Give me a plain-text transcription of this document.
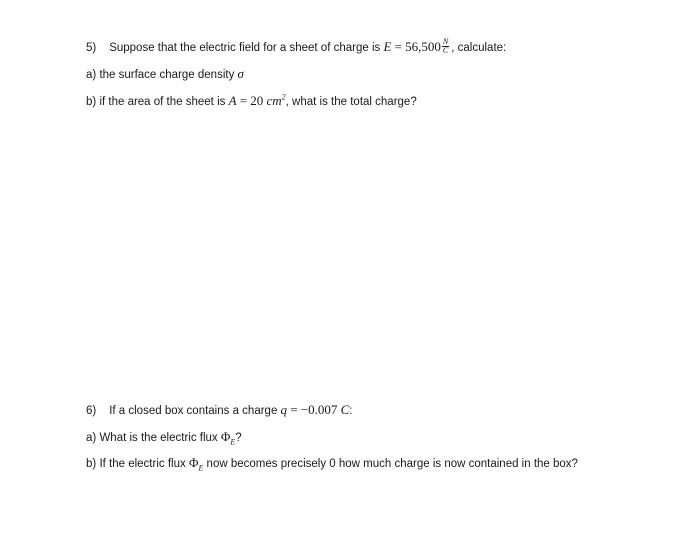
5) Suppose that the electric field for a sheet of charge is $E = 56,500 \frac{N}{C}$ , calculate:
a) the surface charge density σ
b) if the area of the sheet is A = 20 $cm^2$, what is the total charge?
6) If a closed box contains a charge q = −0.007 C:
a) What is the electric flux $\Phi_E$?
b) If the electric flux $\Phi_E$ now becomes precisely 0 how much charge is now contained in the box?
